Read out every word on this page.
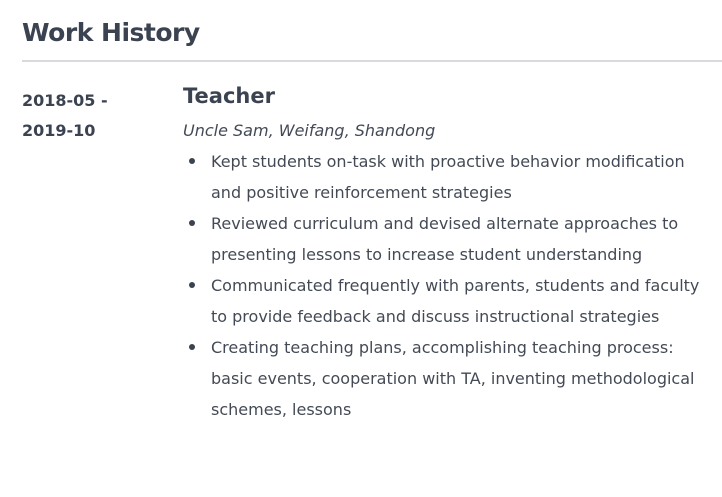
Work History
2018-05 -
2019-10
Teacher

Uncle Sam, Weifang, Shandong

Kept students on-task with proactive behavior modification and positive reinforcement strategies
Reviewed curriculum and devised alternate approaches to presenting lessons to increase student understanding
Communicated frequently with parents, students and faculty to provide feedback and discuss instructional strategies
Creating teaching plans, accomplishing teaching process: basic events, cooperation with TA, inventing methodological schemes, lessons
